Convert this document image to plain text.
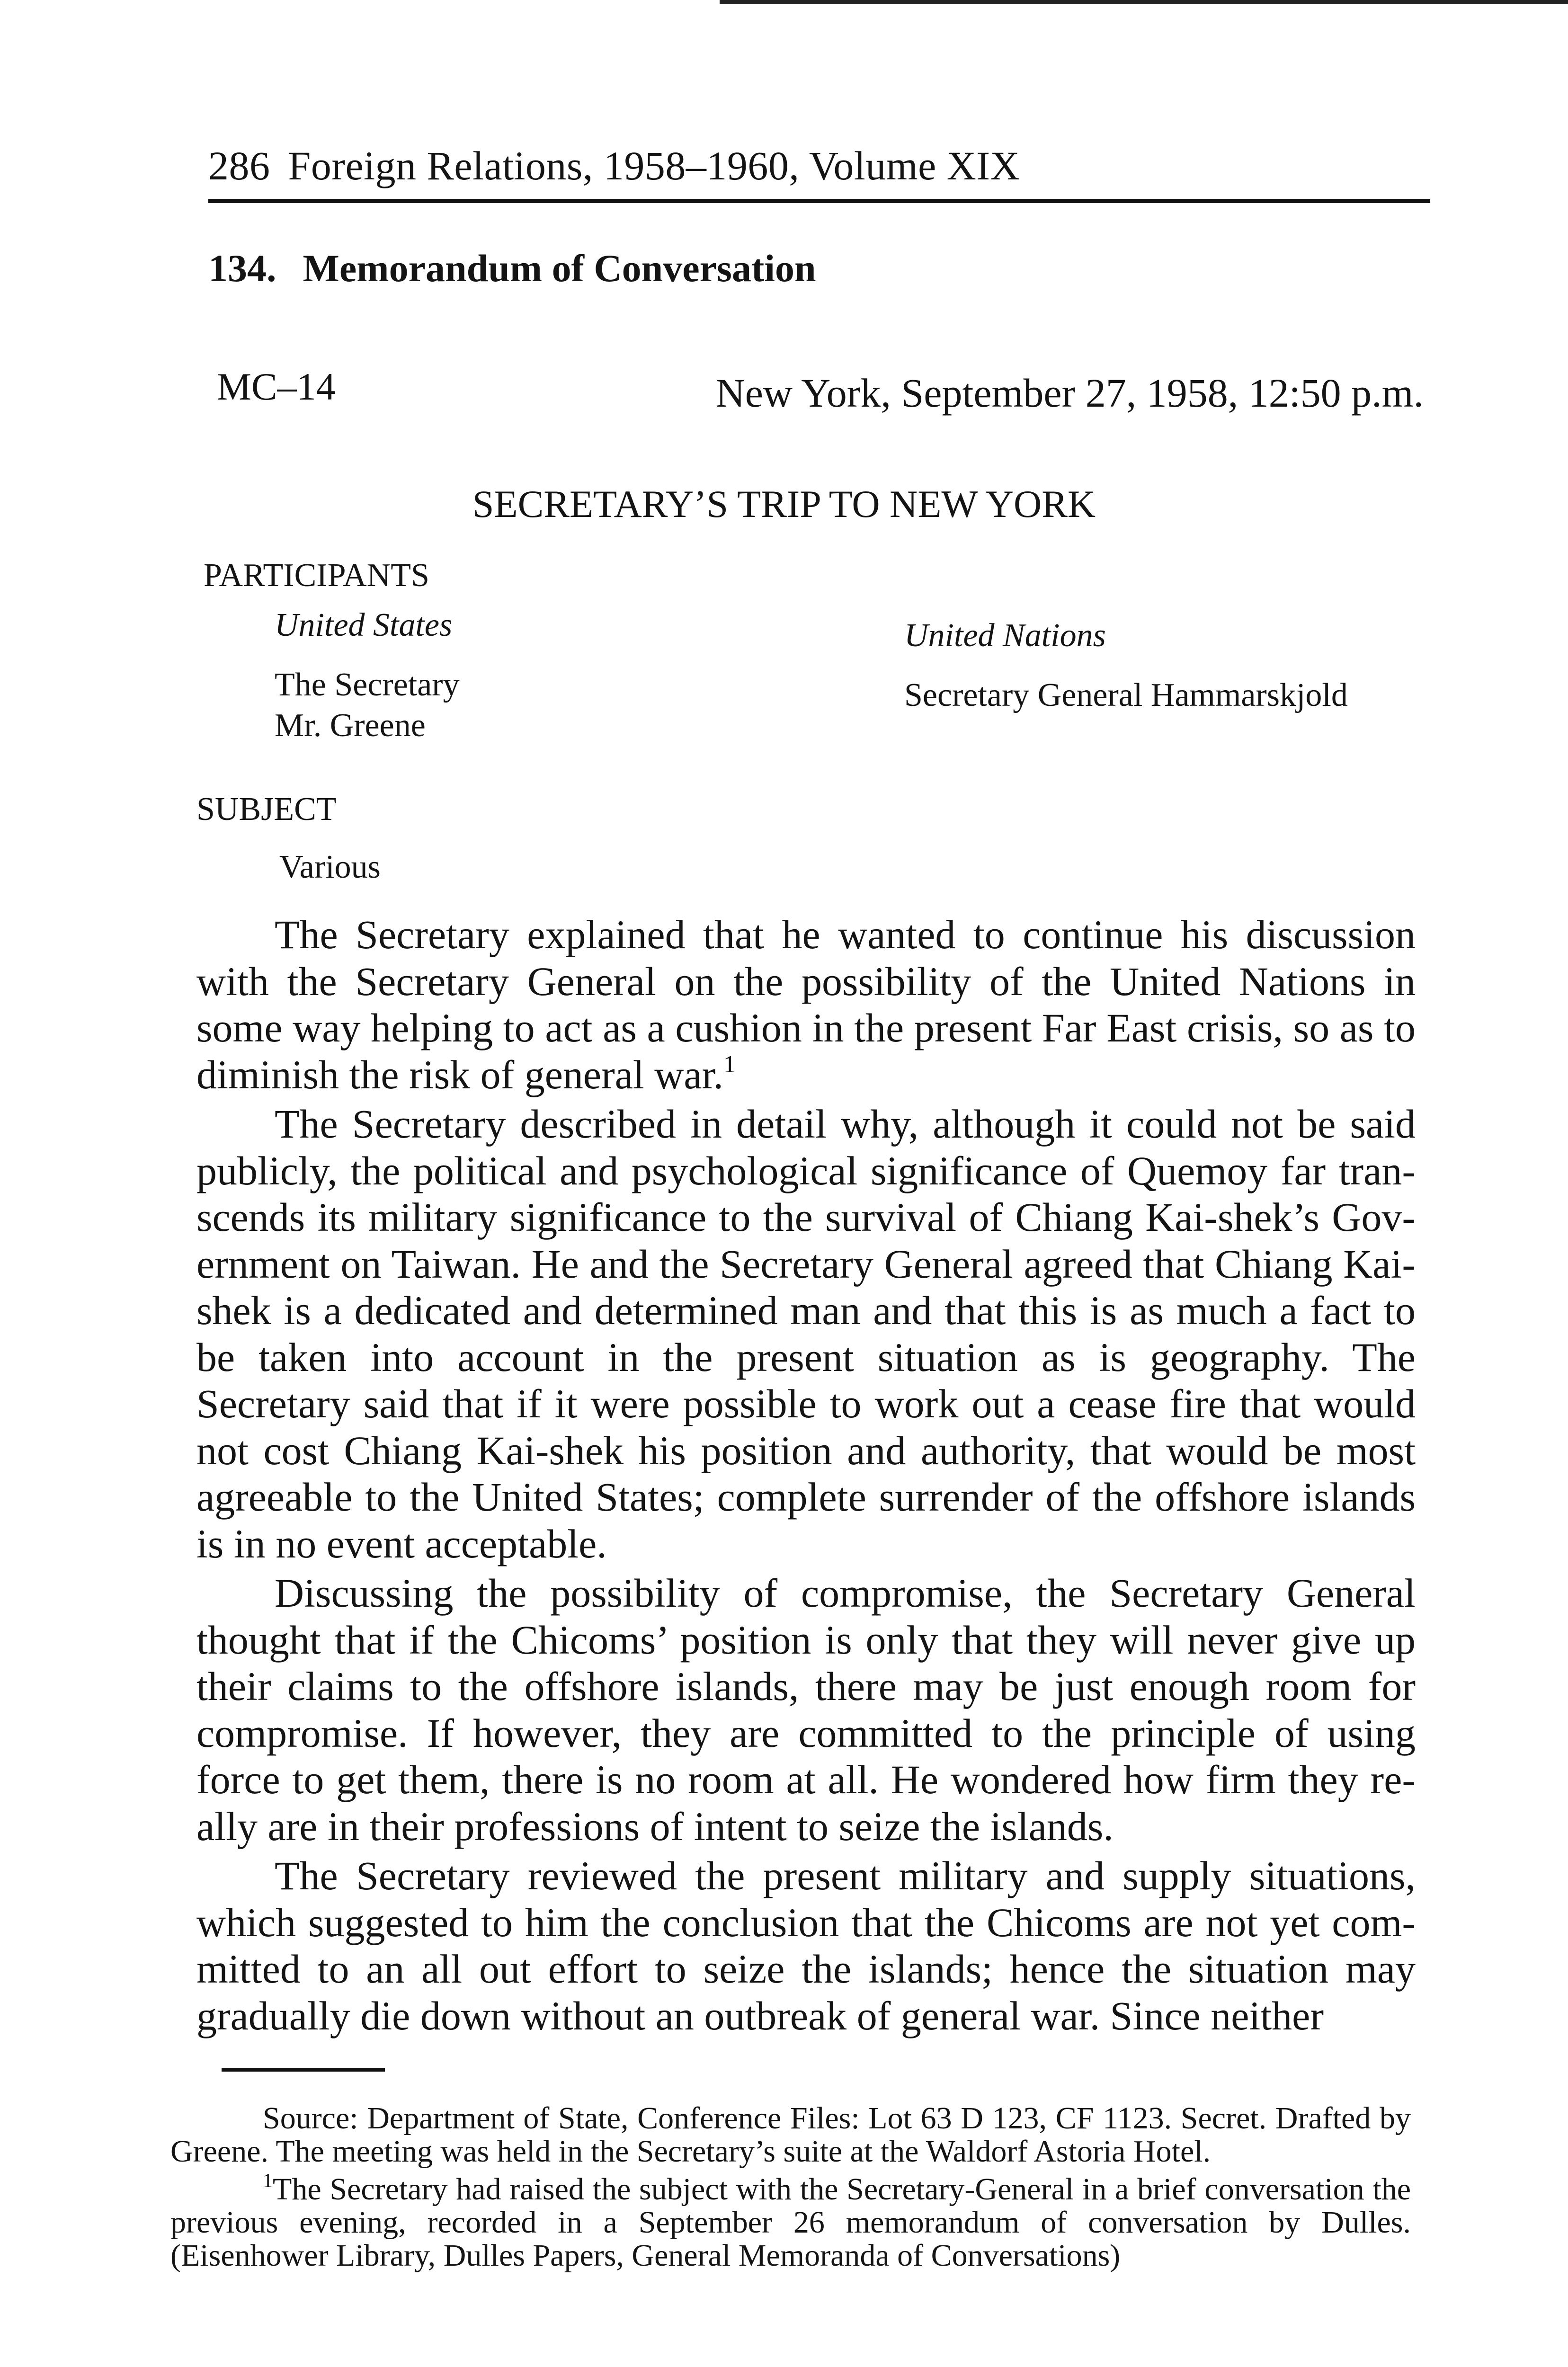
286 Foreign Relations, 1958–1960, Volume XIX
134. Memorandum of Conversation
MC–14	New York, September 27, 1958, 12:50 p.m.
SECRETARY’S TRIP TO NEW YORK
PARTICIPANTS
United States
The Secretary
Mr. Greene
United Nations
Secretary General Hammarskjold
SUBJECT
Various

The Secretary explained that he wanted to continue his discussion with the Secretary General on the possibility of the United Nations in some way helping to act as a cushion in the present Far East crisis, so as to diminish the risk of general war.$^1$

The Secretary described in detail why, although it could not be said publicly, the political and psychological significance of Quemoy far transcends its military significance to the survival of Chiang Kai-shek’s Government on Taiwan. He and the Secretary General agreed that Chiang Kai-shek is a dedicated and determined man and that this is as much a fact to be taken into account in the present situation as is geography. The Secretary said that if it were possible to work out a cease fire that would not cost Chiang Kai-shek his position and authority, that would be most agreeable to the United States; complete surrender of the offshore islands is in no event acceptable.

Discussing the possibility of compromise, the Secretary General thought that if the Chicoms’ position is only that they will never give up their claims to the offshore islands, there may be just enough room for compromise. If however, they are committed to the principle of using force to get them, there is no room at all. He wondered how firm they really are in their professions of intent to seize the islands.

The Secretary reviewed the present military and supply situations, which suggested to him the conclusion that the Chicoms are not yet committed to an all out effort to seize the islands; hence the situation may gradually die down without an outbreak of general war. Since neither

Source: Department of State, Conference Files: Lot 63 D 123, CF 1123. Secret. Drafted by Greene. The meeting was held in the Secretary’s suite at the Waldorf Astoria Hotel.

$^1$The Secretary had raised the subject with the Secretary-General in a brief conversation the previous evening, recorded in a September 26 memorandum of conversation by Dulles. (Eisenhower Library, Dulles Papers, General Memoranda of Conversations)
